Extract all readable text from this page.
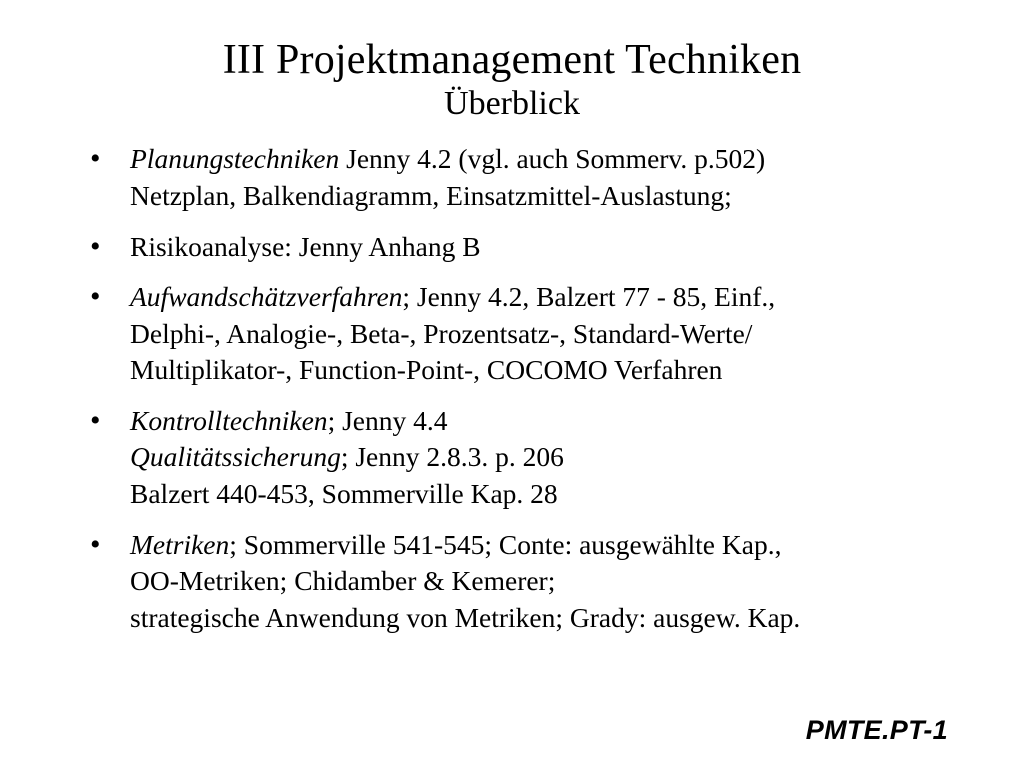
III Projektmanagement Techniken
Überblick
• Planungstechniken Jenny 4.2 (vgl. auch Sommerv. p.502)
Netzplan, Balkendiagramm, Einsatzmittel-Auslastung;
• Risikoanalyse: Jenny Anhang B
• Aufwandschätzverfahren; Jenny 4.2, Balzert 77 - 85, Einf.,
Delphi-, Analogie-, Beta-, Prozentsatz-, Standard-Werte/
Multiplikator-, Function-Point-, COCOMO Verfahren
• Kontrolltechniken; Jenny 4.4
Qualitätssicherung; Jenny 2.8.3. p. 206
Balzert 440-453, Sommerville Kap. 28
• Metriken; Sommerville 541-545; Conte: ausgewählte Kap.,
OO-Metriken; Chidamber & Kemerer;
strategische Anwendung von Metriken; Grady: ausgew. Kap.
PMTE.PT-1
